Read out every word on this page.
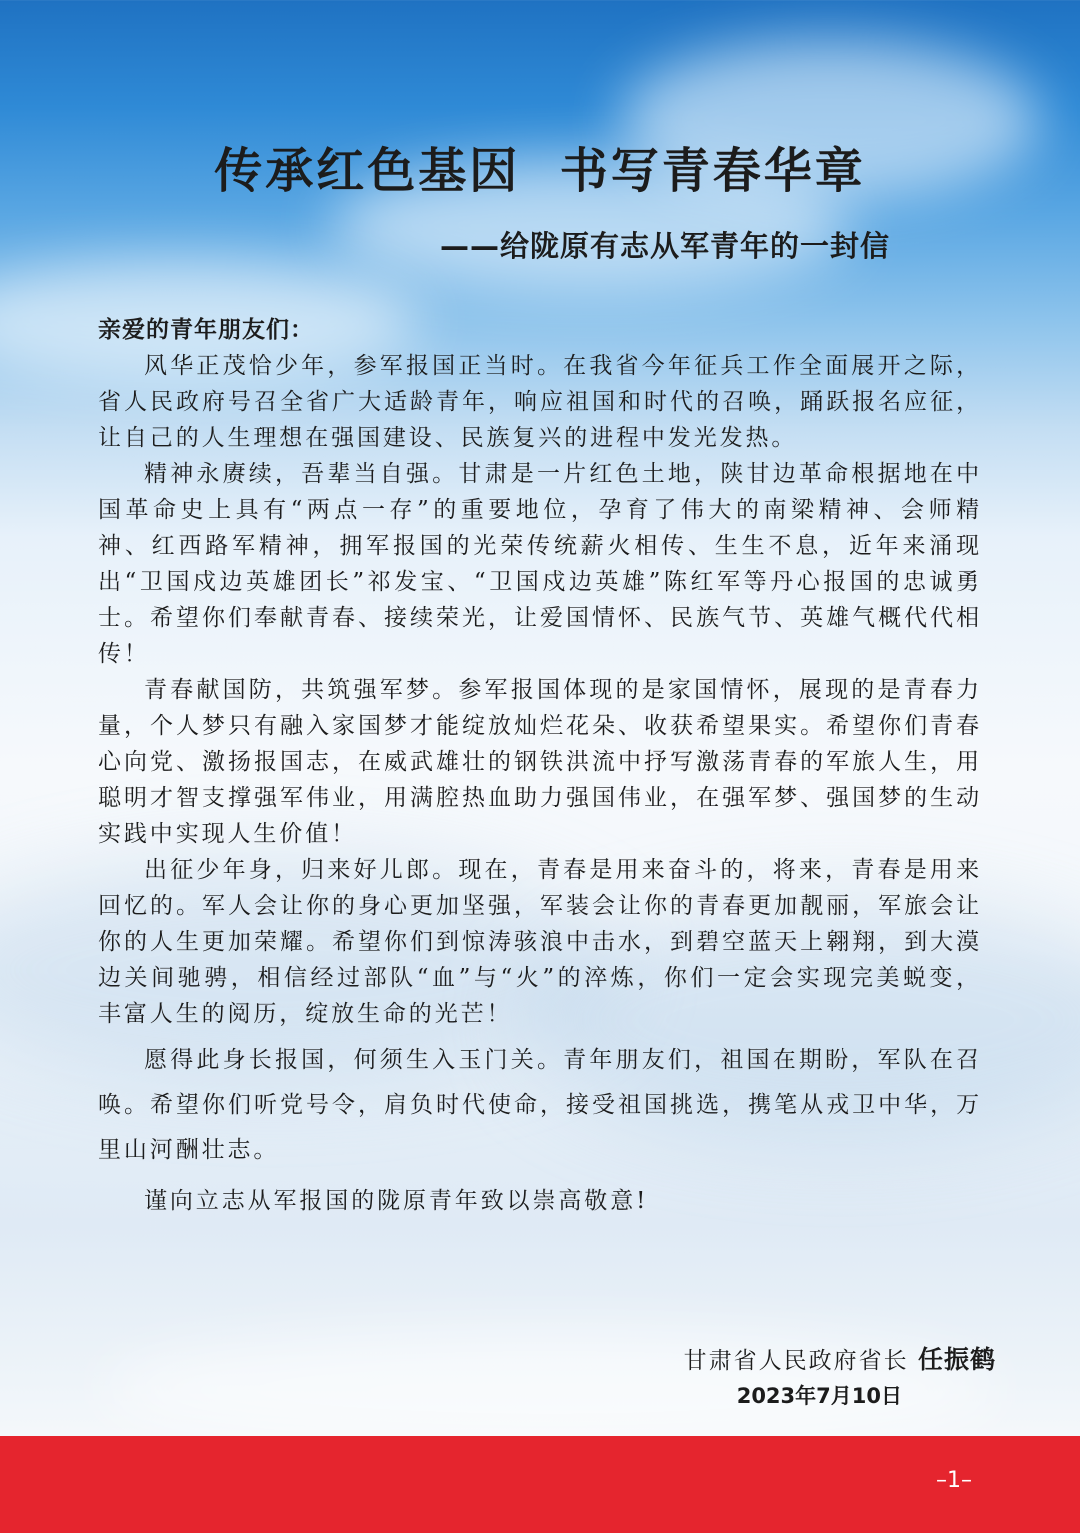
传承红色基因  书写青春华章
——给陇原有志从军青年的一封信

亲爱的青年朋友们：

风华正茂恰少年，参军报国正当时。在我省今年征兵工作全面展开之际，省人民政府号召全省广大适龄青年，响应祖国和时代的召唤，踊跃报名应征，让自己的人生理想在强国建设、民族复兴的进程中发光发热。

精神永赓续，吾辈当自强。甘肃是一片红色土地，陕甘边革命根据地在中国革命史上具有“两点一存”的重要地位，孕育了伟大的南梁精神、会师精神、红西路军精神，拥军报国的光荣传统薪火相传、生生不息，近年来涌现出“卫国戍边英雄团长”祁发宝、“卫国戍边英雄”陈红军等丹心报国的忠诚勇士。希望你们奉献青春、接续荣光，让爱国情怀、民族气节、英雄气概代代相传！

青春献国防，共筑强军梦。参军报国体现的是家国情怀，展现的是青春力量，个人梦只有融入家国梦才能绽放灿烂花朵、收获希望果实。希望你们青春心向党、激扬报国志，在威武雄壮的钢铁洪流中抒写激荡青春的军旅人生，用聪明才智支撑强军伟业，用满腔热血助力强国伟业，在强军梦、强国梦的生动实践中实现人生价值！

出征少年身，归来好儿郎。现在，青春是用来奋斗的，将来，青春是用来回忆的。军人会让你的身心更加坚强，军装会让你的青春更加靓丽，军旅会让你的人生更加荣耀。希望你们到惊涛骇浪中击水，到碧空蓝天上翱翔，到大漠边关间驰骋，相信经过部队“血”与“火”的淬炼，你们一定会实现完美蜕变，丰富人生的阅历，绽放生命的光芒！

愿得此身长报国，何须生入玉门关。青年朋友们，祖国在期盼，军队在召唤。希望你们听党号令，肩负时代使命，接受祖国挑选，携笔从戎卫中华，万里山河酬壮志。

谨向立志从军报国的陇原青年致以崇高敬意!

甘肃省人民政府省长 任振鹤

2023年7月10日

–1–
